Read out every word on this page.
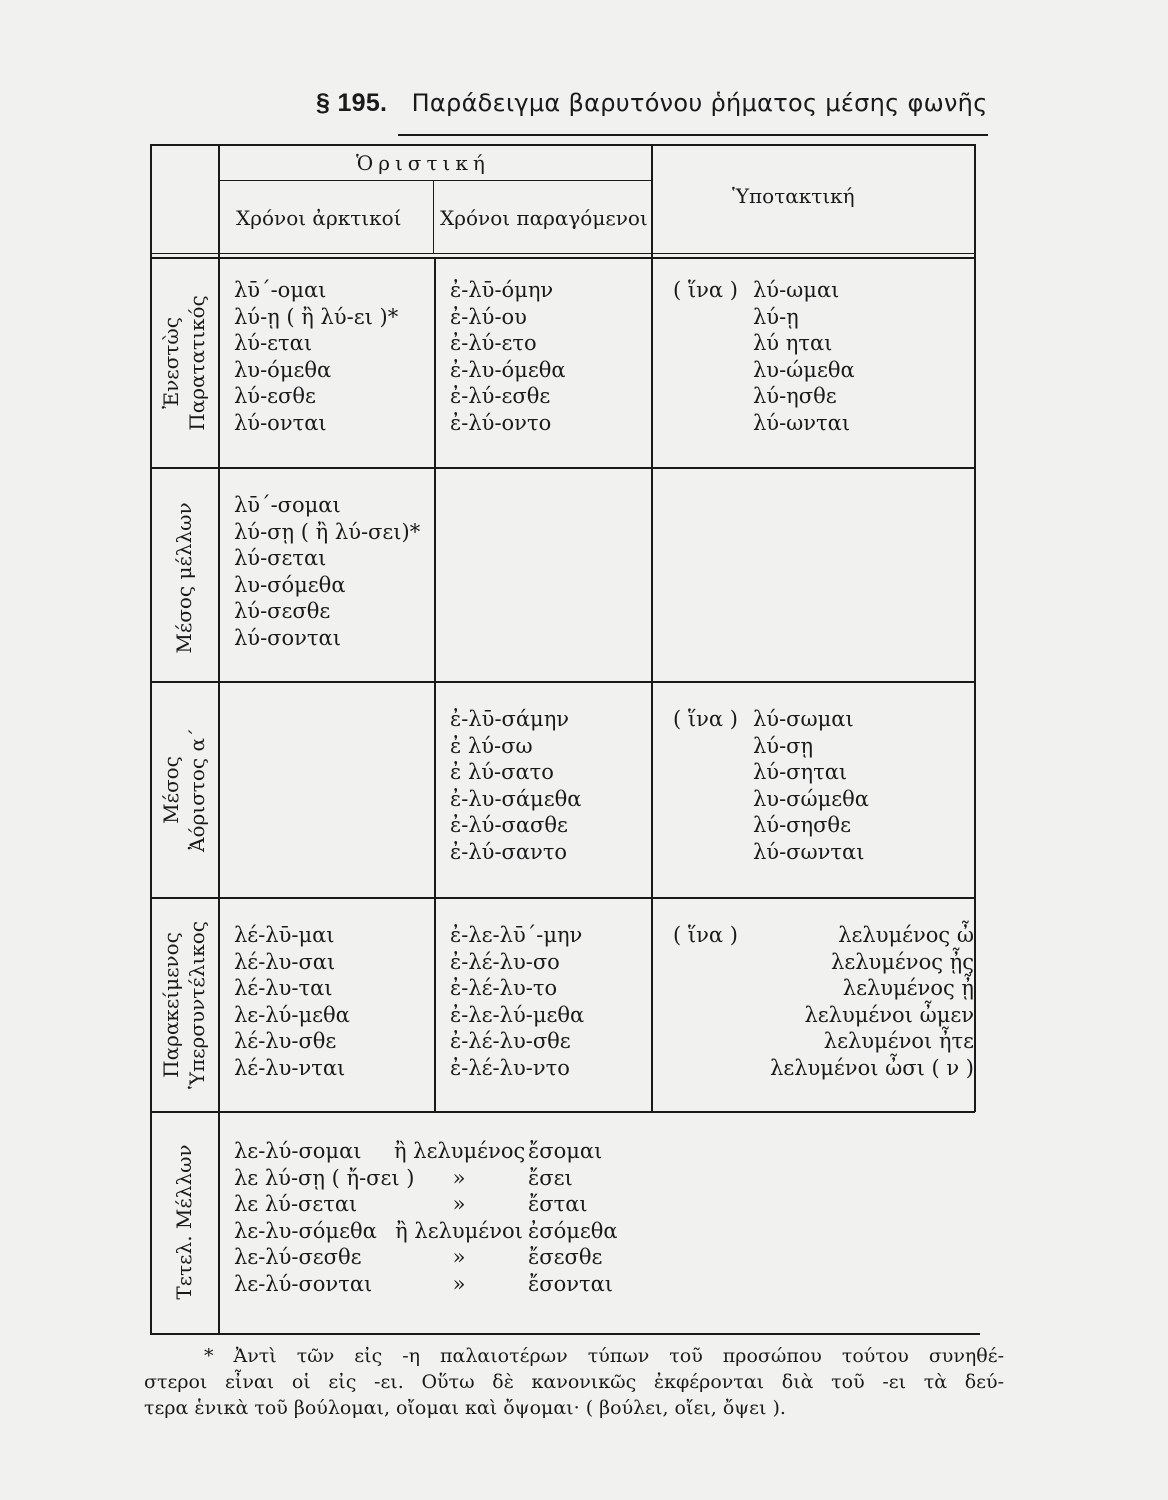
§ 195. Παράδειγμα βαρυτόνου ῥήματος μέσης φωνῆς
Ὁριστική
Χρόνοι ἀρκτικοί Χρόνοι παραγόμενοι
Ὑποτακτική
Ἐνεστὼς Παρατατικός
λῡ´-ομαι
λύ-ῃ ( ἢ λύ-ει )*
λύ-εται
λυ-όμεθα
λύ-εσθε
λύ-ονται
ἐ-λῡ-όμην
ἐ-λύ-ου
ἐ-λύ-ετο
ἐ-λυ-όμεθα
ἐ-λύ-εσθε
ἐ-λύ-οντο
( ἵνα ) λύ-ωμαι
λύ-ῃ
λύ ηται
λυ-ώμεθα
λύ-ησθε
λύ-ωνται
Μέσος μέλλων λῡ´-σομαι
λύ-σῃ ( ἢ λύ-σει)*
λύ-σεται
λυ-σόμεθα
λύ-σεσθε
λύ-σονται
Μέσος Ἀόριστος α´
ἐ-λῡ-σάμην
ἐ λύ-σω
ἐ λύ-σατο
ἐ-λυ-σάμεθα
ἐ-λύ-σασθε
ἐ-λύ-σαντο
( ἵνα ) λύ-σωμαι
λύ-σῃ
λύ-σηται
λυ-σώμεθα
λύ-σησθε
λύ-σωνται
Παρακείμενος Ὑπερσυντέλικος λέ-λῡ-μαι
λέ-λυ-σαι
λέ-λυ-ται
λε-λύ-μεθα
λέ-λυ-σθε
λέ-λυ-νται
ἐ-λε-λῡ´-μην
ἐ-λέ-λυ-σο
ἐ-λέ-λυ-το
ἐ-λε-λύ-μεθα
ἐ-λέ-λυ-σθε
ἐ-λέ-λυ-ντο
( ἵνα )	λελυμένος ὦ
λελυμένος ᾖς
λελυμένος ᾖ
λελυμένοι ὦμεν
λελυμένοι ἦτε
λελυμένοι ὦσι ( ν )
Τετελ. Μέλλων λε-λύ-σομαι
λε λύ-σῃ ( ἤ-σει )
λε λύ-σεται
λε-λυ-σόμεθα
λε-λύ-σεσθε
λε-λύ-σονται
ἢ λελυμένος
»
»
ἢ λελυμένοι
»
»
ἔσομαι
ἔσει
ἔσται
ἐσόμεθα
ἔσεσθε
ἔσονται
* Ἀντὶ τῶν εἰς -η παλαιοτέρων τύπων τοῦ προσώπου τούτου συνηθέ-
στεροι εἶναι οἱ εἰς -ει. Οὕτω δὲ κανονικῶς ἐκφέρονται διὰ τοῦ -ει τὰ δεύ-
τερα ἑνικὰ τοῦ βούλομαι, οἴομαι καὶ ὄψομαι· ( βούλει, οἴει, ὄψει ).
